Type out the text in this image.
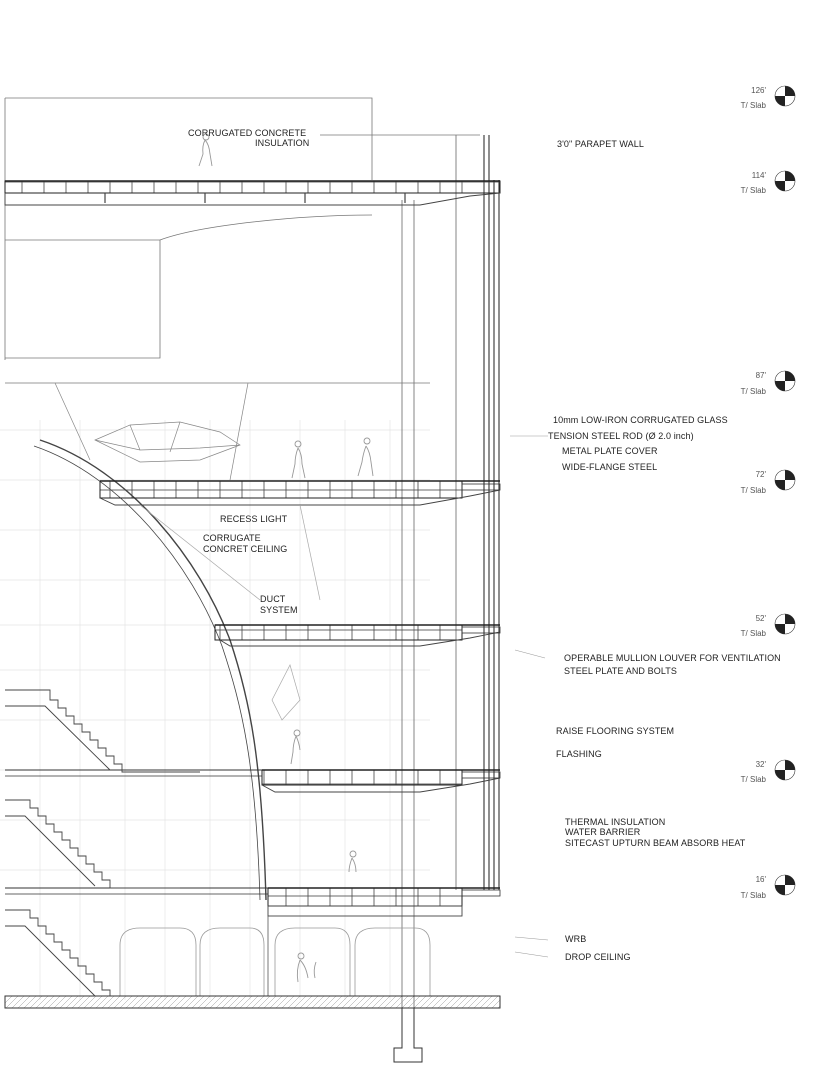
126'
T/ Slab
114'
T/ Slab
87'
T/ Slab
72'
T/ Slab
52'
T/ Slab
32'
T/ Slab
16'
T/ Slab
CORRUGATED CONCRETE
INSULATION	3'0" PARAPET WALL
10mm LOW-IRON CORRUGATED GLASS
TENSION STEEL ROD (Ø 2.0 inch)
METAL PLATE COVER
WIDE-FLANGE STEEL
RECESS LIGHT
CORRUGATE
CONCRET CEILING
DUCT
SYSTEM
OPERABLE MULLION LOUVER FOR VENTILATION
STEEL PLATE AND BOLTS
RAISE FLOORING SYSTEM
FLASHING
THERMAL INSULATION
WATER BARRIER
SITECAST UPTURN BEAM ABSORB HEAT
WRB
DROP CEILING
